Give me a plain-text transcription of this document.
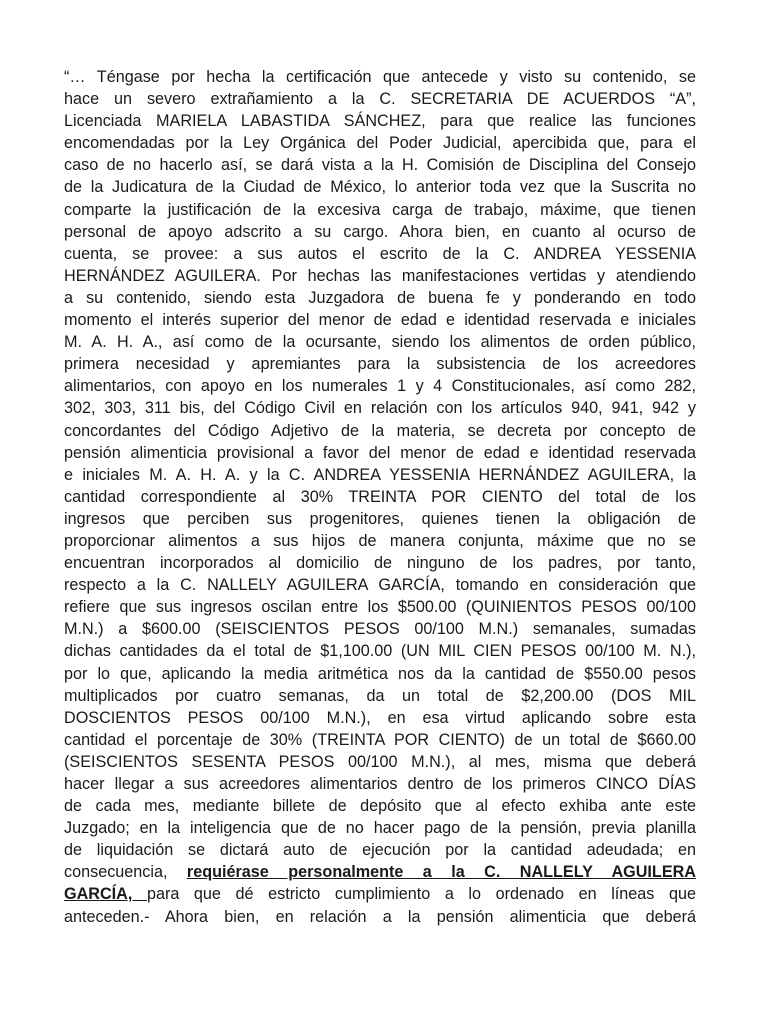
“… Téngase por hecha la certificación que antecede y visto su contenido, se
hace un severo extrañamiento a la C. SECRETARIA DE ACUERDOS “A”,
Licenciada MARIELA LABASTIDA SÁNCHEZ, para que realice las funciones
encomendadas por la Ley Orgánica del Poder Judicial, apercibida que, para el
caso de no hacerlo así, se dará vista a la H. Comisión de Disciplina del Consejo
de la Judicatura de la Ciudad de México, lo anterior toda vez que la Suscrita no
comparte la justificación de la excesiva carga de trabajo, máxime, que tienen
personal de apoyo adscrito a su cargo. Ahora bien, en cuanto al ocurso de
cuenta, se provee: a sus autos el escrito de la C. ANDREA YESSENIA
HERNÁNDEZ AGUILERA. Por hechas las manifestaciones vertidas y atendiendo
a su contenido, siendo esta Juzgadora de buena fe y ponderando en todo
momento el interés superior del menor de edad e identidad reservada e iniciales
M. A. H. A., así como de la ocursante, siendo los alimentos de orden público,
primera necesidad y apremiantes para la subsistencia de los acreedores
alimentarios, con apoyo en los numerales 1 y 4 Constitucionales, así como 282,
302, 303, 311 bis, del Código Civil en relación con los artículos 940, 941, 942 y
concordantes del Código Adjetivo de la materia, se decreta por concepto de
pensión alimenticia provisional a favor del menor de edad e identidad reservada
e iniciales M. A. H. A. y la C. ANDREA YESSENIA HERNÁNDEZ AGUILERA, la
cantidad correspondiente al 30% TREINTA POR CIENTO del total de los
ingresos que perciben sus progenitores, quienes tienen la obligación de
proporcionar alimentos a sus hijos de manera conjunta, máxime que no se
encuentran incorporados al domicilio de ninguno de los padres, por tanto,
respecto a la C. NALLELY AGUILERA GARCÍA, tomando en consideración que
refiere que sus ingresos oscilan entre los $500.00 (QUINIENTOS PESOS 00/100
M.N.) a $600.00 (SEISCIENTOS PESOS 00/100 M.N.) semanales, sumadas
dichas cantidades da el total de $1,100.00 (UN MIL CIEN PESOS 00/100 M. N.),
por lo que, aplicando la media aritmética nos da la cantidad de $550.00 pesos
multiplicados por cuatro semanas, da un total de $2,200.00 (DOS MIL
DOSCIENTOS PESOS 00/100 M.N.), en esa virtud aplicando sobre esta
cantidad el porcentaje de 30% (TREINTA POR CIENTO) de un total de $660.00
(SEISCIENTOS SESENTA PESOS 00/100 M.N.), al mes, misma que deberá
hacer llegar a sus acreedores alimentarios dentro de los primeros CINCO DÍAS
de cada mes, mediante billete de depósito que al efecto exhiba ante este
Juzgado; en la inteligencia que de no hacer pago de la pensión, previa planilla
de liquidación se dictará auto de ejecución por la cantidad adeudada; en
consecuencia, requiérase personalmente a la C. NALLELY AGUILERA
GARCÍA, para que dé estricto cumplimiento a lo ordenado en líneas que
anteceden.- Ahora bien, en relación a la pensión alimenticia que deberá
